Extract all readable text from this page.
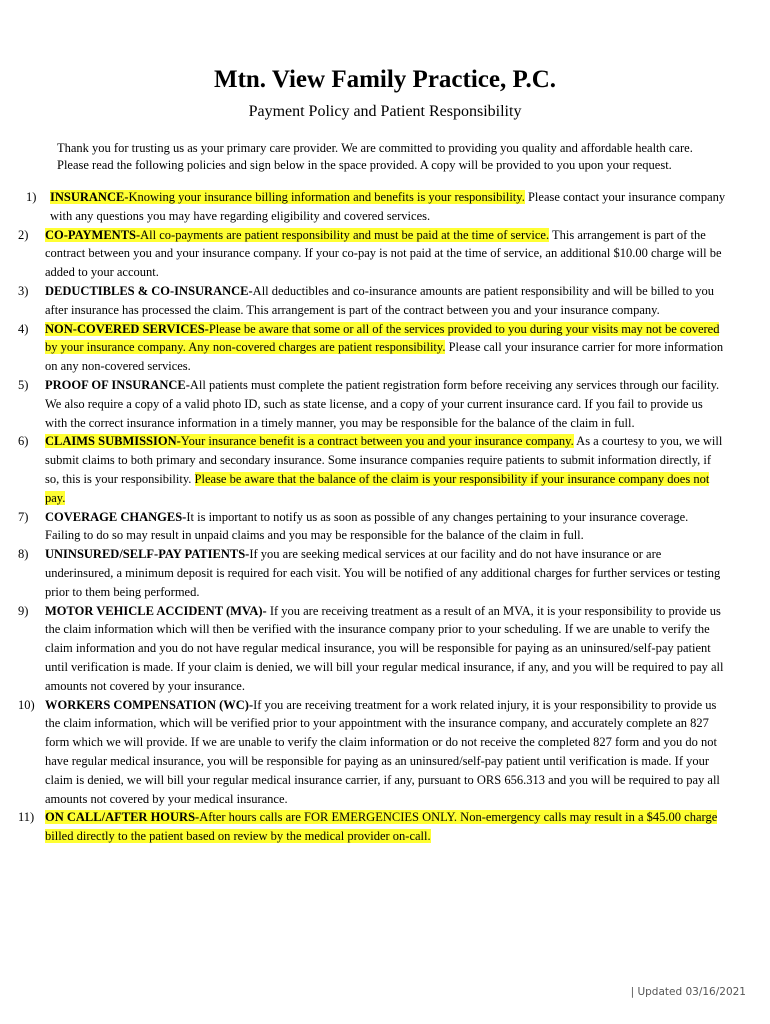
Mtn. View Family Practice, P.C.
Payment Policy and Patient Responsibility
Thank you for trusting us as your primary care provider. We are committed to providing you quality and affordable health care. Please read the following policies and sign below in the space provided. A copy will be provided to you upon your request.
1) INSURANCE-Knowing your insurance billing information and benefits is your responsibility. Please contact your insurance company with any questions you may have regarding eligibility and covered services.
2) CO-PAYMENTS-All co-payments are patient responsibility and must be paid at the time of service. This arrangement is part of the contract between you and your insurance company. If your co-pay is not paid at the time of service, an additional $10.00 charge will be added to your account.
3) DEDUCTIBLES & CO-INSURANCE-All deductibles and co-insurance amounts are patient responsibility and will be billed to you after insurance has processed the claim. This arrangement is part of the contract between you and your insurance company.
4) NON-COVERED SERVICES-Please be aware that some or all of the services provided to you during your visits may not be covered by your insurance company. Any non-covered charges are patient responsibility. Please call your insurance carrier for more information on any non-covered services.
5) PROOF OF INSURANCE-All patients must complete the patient registration form before receiving any services through our facility. We also require a copy of a valid photo ID, such as state license, and a copy of your current insurance card. If you fail to provide us with the correct insurance information in a timely manner, you may be responsible for the balance of the claim in full.
6) CLAIMS SUBMISSION-Your insurance benefit is a contract between you and your insurance company. As a courtesy to you, we will submit claims to both primary and secondary insurance. Some insurance companies require patients to submit information directly, if so, this is your responsibility. Please be aware that the balance of the claim is your responsibility if your insurance company does not pay.
7) COVERAGE CHANGES-It is important to notify us as soon as possible of any changes pertaining to your insurance coverage. Failing to do so may result in unpaid claims and you may be responsible for the balance of the claim in full.
8) UNINSURED/SELF-PAY PATIENTS-If you are seeking medical services at our facility and do not have insurance or are underinsured, a minimum deposit is required for each visit. You will be notified of any additional charges for further services or testing prior to them being performed.
9) MOTOR VEHICLE ACCIDENT (MVA)- If you are receiving treatment as a result of an MVA, it is your responsibility to provide us the claim information which will then be verified with the insurance company prior to your scheduling. If we are unable to verify the claim information and you do not have regular medical insurance, you will be responsible for paying as an uninsured/self-pay patient until verification is made. If your claim is denied, we will bill your regular medical insurance, if any, and you will be required to pay all amounts not covered by your insurance.
10) WORKERS COMPENSATION (WC)-If you are receiving treatment for a work related injury, it is your responsibility to provide us the claim information, which will be verified prior to your appointment with the insurance company, and accurately complete an 827 form which we will provide. If we are unable to verify the claim information or do not receive the completed 827 form and you do not have regular medical insurance, you will be responsible for paying as an uninsured/self-pay patient until verification is made. If your claim is denied, we will bill your regular medical insurance carrier, if any, pursuant to ORS 656.313 and you will be required to pay all amounts not covered by your medical insurance.
11) ON CALL/AFTER HOURS-After hours calls are FOR EMERGENCIES ONLY. Non-emergency calls may result in a $45.00 charge billed directly to the patient based on review by the medical provider on-call.
| Updated 03/16/2021
